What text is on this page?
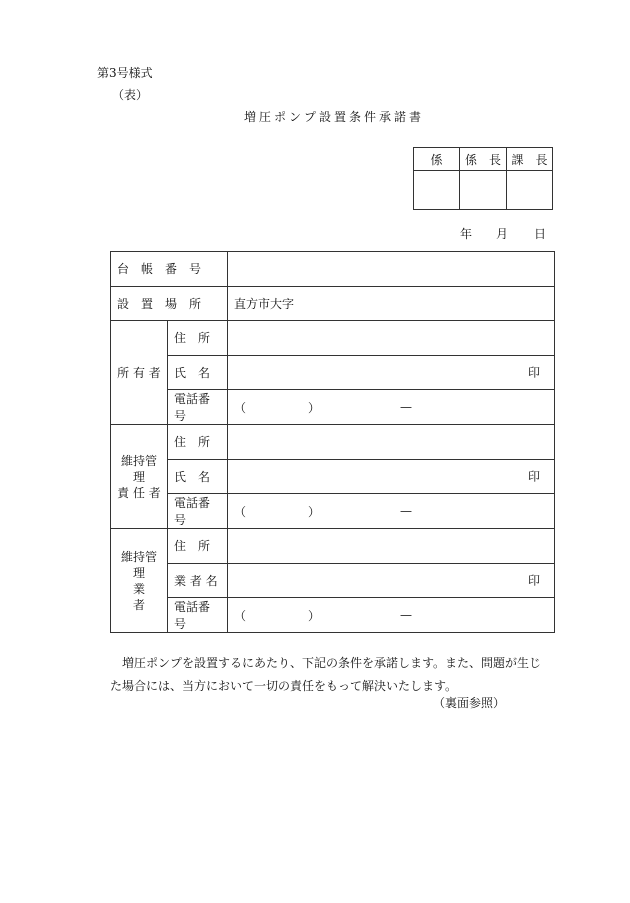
第3号様式
（表）
増圧ポンプ設置条件承諾書
係	係　長	課　長

年	月	日
台　帳　番　号		
設　置　場　所		直方市大字

所 有 者	住　所	
	氏　名	印

	電話番号	（ ） —

維持管理
責 任 者	住　所	
	氏　名	印

	電話番号	（ ） —

維持管理
業　　者	住　所	
	業 者 名	印

	電話番号	（ ） —
増圧ポンプを設置するにあたり、下記の条件を承諾します。また、問題が生じた場合には、当方において一切の責任をもって解決いたします。
（裏面参照）
